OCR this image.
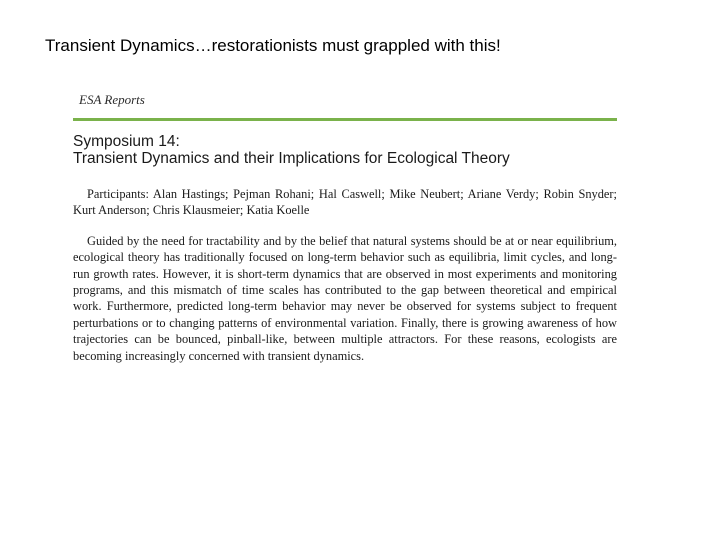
Transient Dynamics…restorationists must grappled with this!
ESA Reports
Symposium 14:
Transient Dynamics and their Implications for Ecological Theory
Participants: Alan Hastings; Pejman Rohani; Hal Caswell; Mike Neubert; Ariane Verdy; Robin Snyder; Kurt Anderson; Chris Klausmeier; Katia Koelle
Guided by the need for tractability and by the belief that natural systems should be at or near equilibrium, ecological theory has traditionally focused on long-term behavior such as equilibria, limit cycles, and long-run growth rates. However, it is short-term dynamics that are observed in most experiments and monitoring programs, and this mismatch of time scales has contributed to the gap between theoretical and empirical work. Furthermore, predicted long-term behavior may never be observed for systems subject to frequent perturbations or to changing patterns of environmental variation. Finally, there is growing awareness of how trajectories can be bounced, pinball-like, between multiple attractors. For these reasons, ecologists are becoming increasingly concerned with transient dynamics.
